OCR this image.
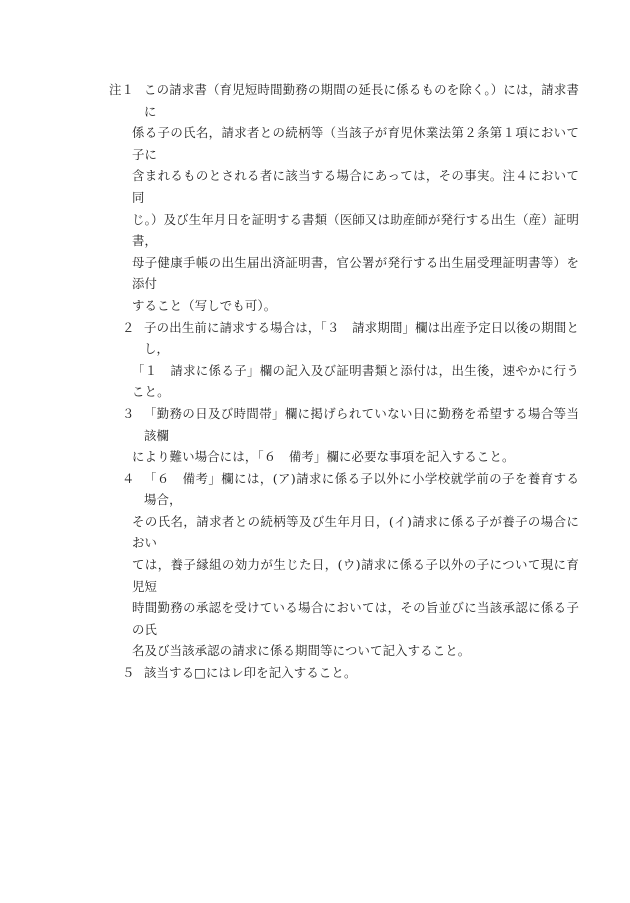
注１ この請求書（育児短時間勤務の期間の延長に係るものを除く。）には，請求書に
係る子の氏名，請求者との続柄等（当該子が育児休業法第２条第１項において子に
含まれるものとされる者に該当する場合にあっては，その事実。注４において同
じ。）及び生年月日を証明する書類（医師又は助産師が発行する出生（産）証明書，
母子健康手帳の出生届出済証明書，官公署が発行する出生届受理証明書等）を添付
すること（写しでも可）。
２ 子の出生前に請求する場合は，「３　請求期間」欄は出産予定日以後の期間とし，
「１　請求に係る子」欄の記入及び証明書類と添付は，出生後，速やかに行うこと。
３ 「勤務の日及び時間帯」欄に掲げられていない日に勤務を希望する場合等当該欄
により難い場合には，「６　備考」欄に必要な事項を記入すること。
４ 「６　備考」欄には，(ア)請求に係る子以外に小学校就学前の子を養育する場合，
その氏名，請求者との続柄等及び生年月日，(イ)請求に係る子が養子の場合におい
ては，養子縁組の効力が生じた日，(ウ)請求に係る子以外の子について現に育児短
時間勤務の承認を受けている場合においては，その旨並びに当該承認に係る子の氏
名及び当該承認の請求に係る期間等について記入すること。
５ 該当する□にはレ印を記入すること。
